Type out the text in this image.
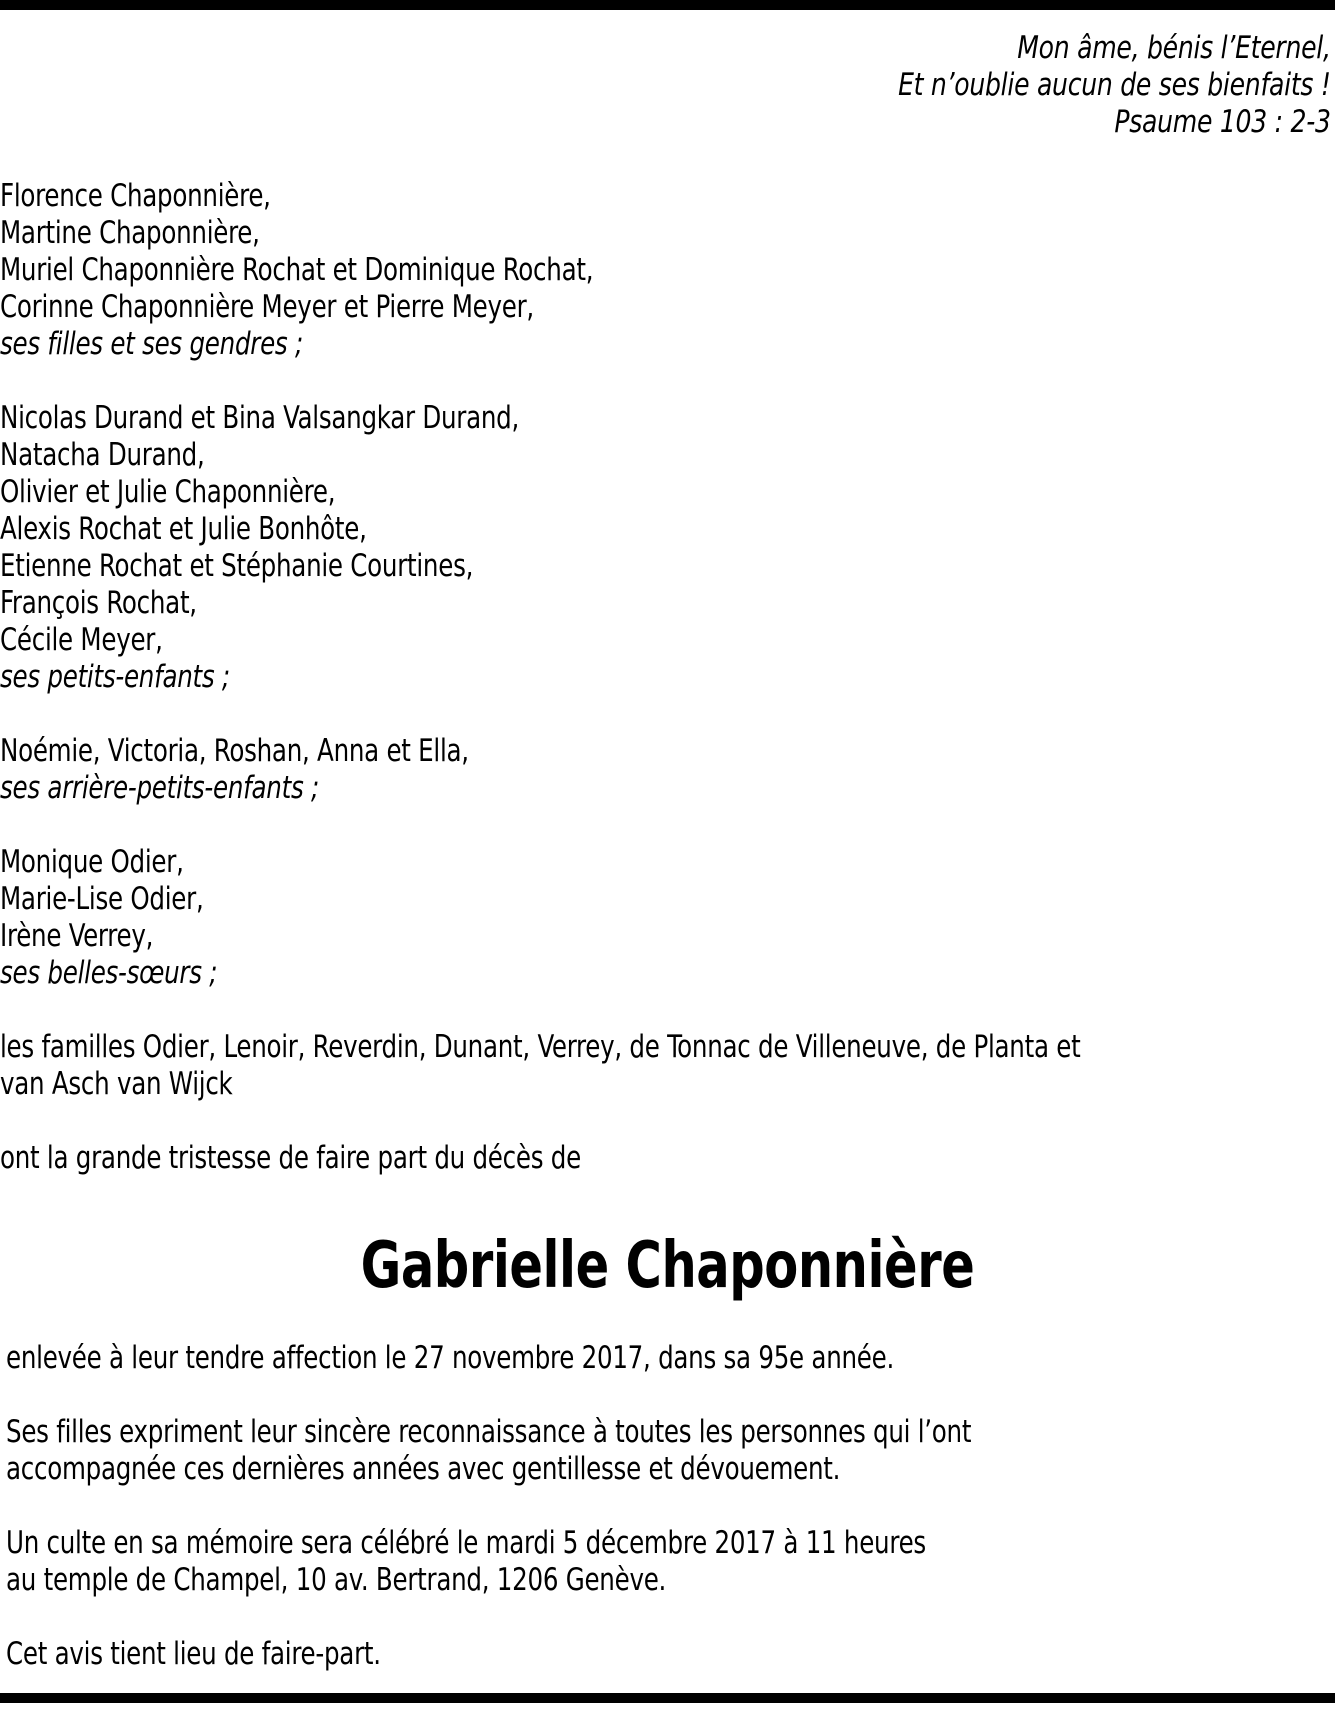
Mon âme, bénis l’Eternel,
Et n’oublie aucun de ses bienfaits !
Psaume 103 : 2-3

Florence Chaponnière,
Martine Chaponnière,
Muriel Chaponnière Rochat et Dominique Rochat,
Corinne Chaponnière Meyer et Pierre Meyer,
ses filles et ses gendres ;

Nicolas Durand et Bina Valsangkar Durand,
Natacha Durand,
Olivier et Julie Chaponnière,
Alexis Rochat et Julie Bonhôte,
Etienne Rochat et Stéphanie Courtines,
François Rochat,
Cécile Meyer,
ses petits-enfants ;

Noémie, Victoria, Roshan, Anna et Ella,
ses arrière-petits-enfants ;

Monique Odier,
Marie-Lise Odier,
Irène Verrey,
ses belles-sœurs ;

les familles Odier, Lenoir, Reverdin, Dunant, Verrey, de Tonnac de Villeneuve, de Planta et
van Asch van Wijck

ont la grande tristesse de faire part du décès de

Gabrielle Chaponnière

enlevée à leur tendre affection le 27 novembre 2017, dans sa 95e année.

Ses filles expriment leur sincère reconnaissance à toutes les personnes qui l’ont
accompagnée ces dernières années avec gentillesse et dévouement.

Un culte en sa mémoire sera célébré le mardi 5 décembre 2017 à 11 heures
au temple de Champel, 10 av. Bertrand, 1206 Genève.

Cet avis tient lieu de faire-part.
